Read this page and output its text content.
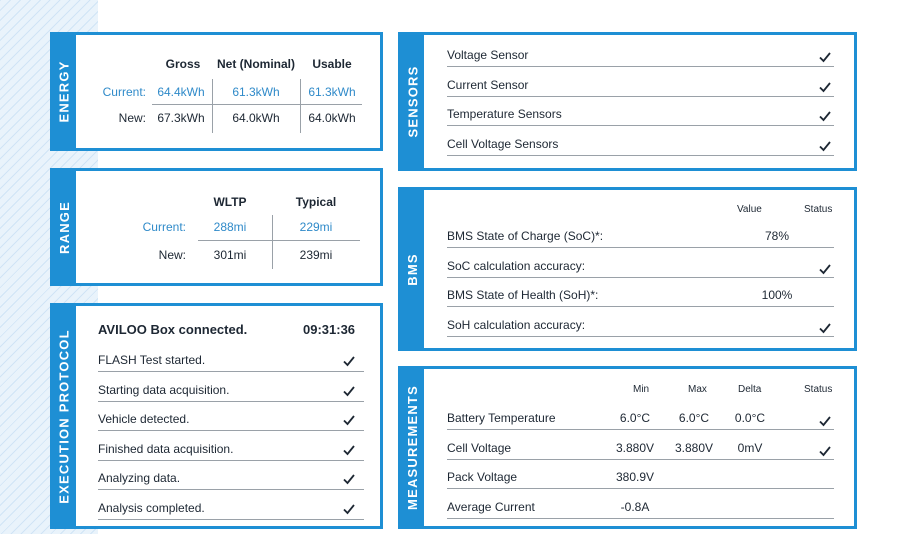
ENERGY	Gross	Net (Nominal)	Usable
Current: 64.4kWh	61.3kWh	61.3kWh
New: 67.3kWh	64.0kWh	64.0kWh
RANGE	WLTP	Typical
Current:	288mi	229mi
New:	301mi	239mi
EXECUTION PROTOCOL AVILOO Box connected.	09:31:36
FLASH Test started.
Starting data acquisition.
Vehicle detected.
Finished data acquisition.
Analyzing data.
Analysis completed.
SENSORS
Voltage Sensor
Current Sensor
Temperature Sensors
Cell Voltage Sensors
BMS
Value	Status
BMS State of Charge (SoC)*:	78%
SoC calculation accuracy:
BMS State of Health (SoH)*:	100%
SoH calculation accuracy:
MEASUREMENTS	Min	Max	Delta	Status
Battery Temperature	6.0°C	6.0°C	0.0°C
Cell Voltage	3.880V	3.880V	0mV
Pack Voltage	380.9V
Average Current	-0.8A
